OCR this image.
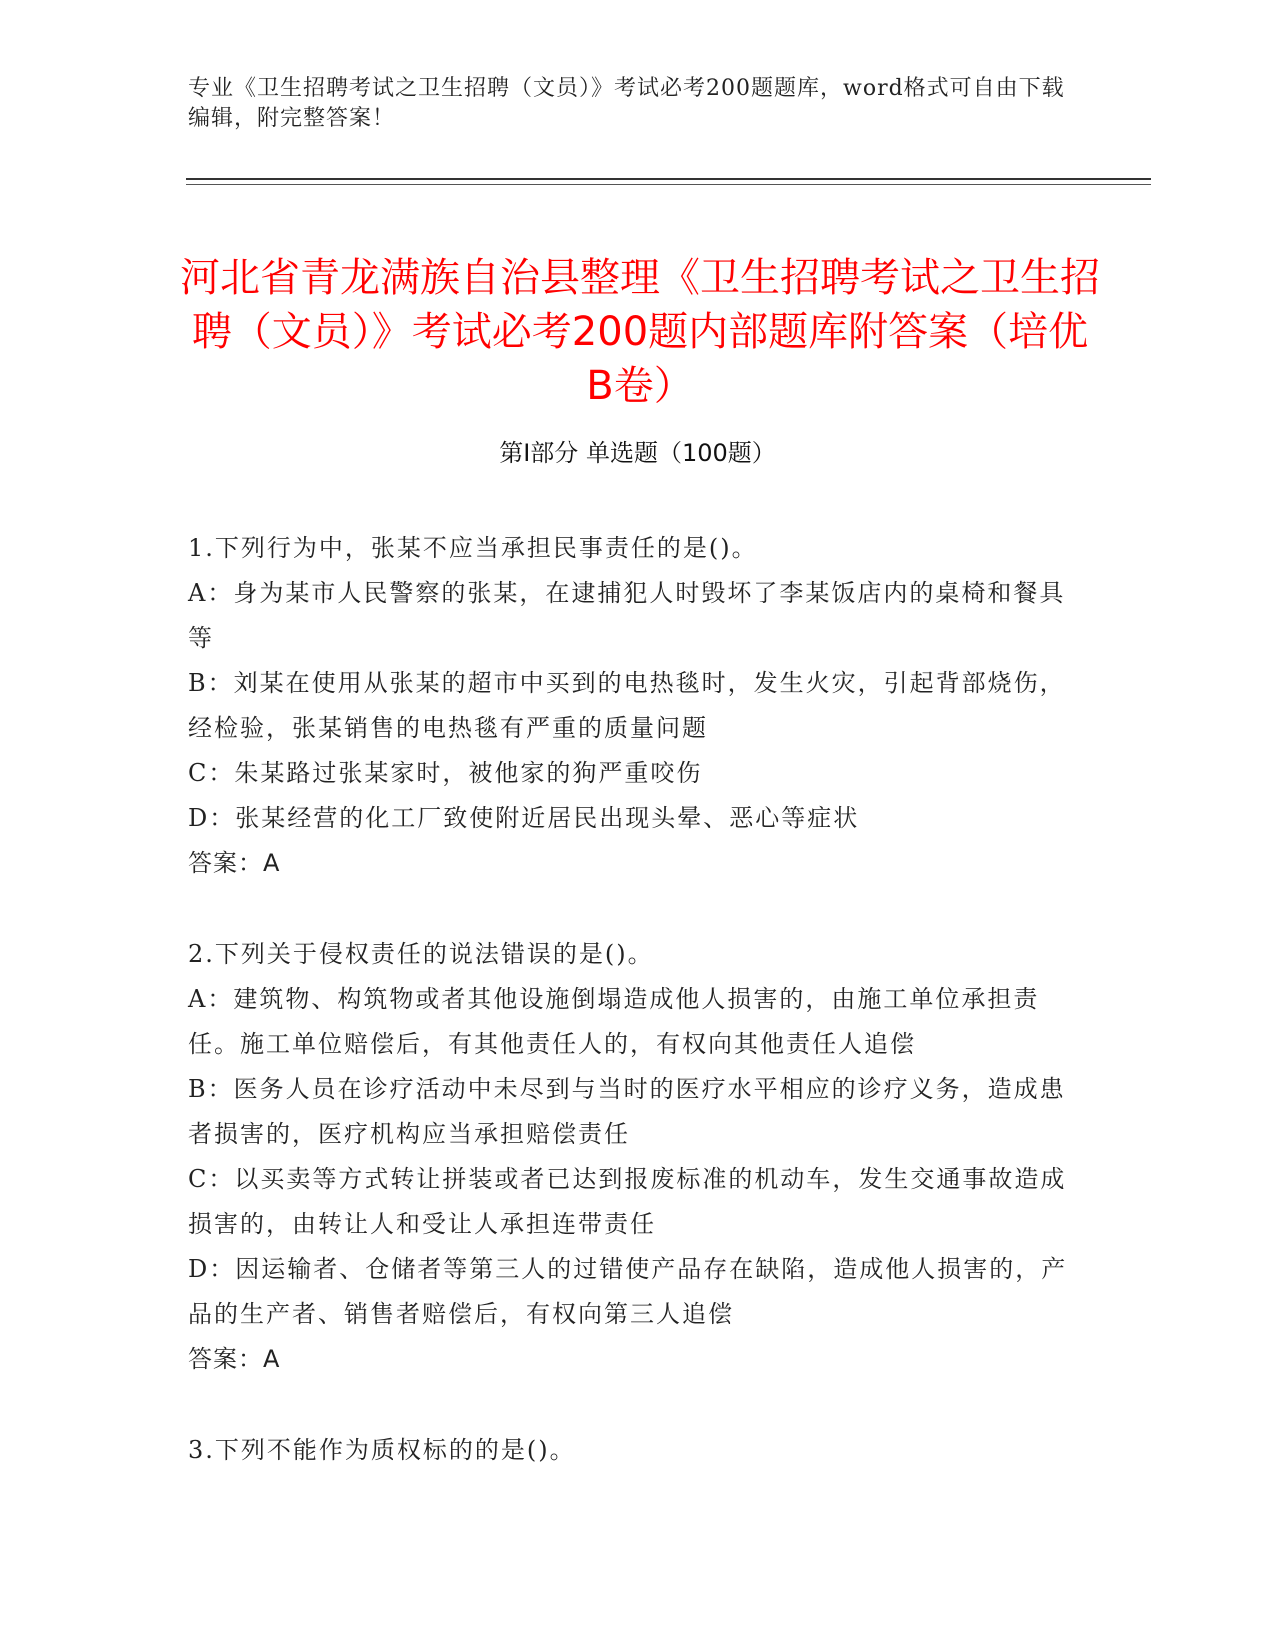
专业《卫生招聘考试之卫生招聘（文员）》考试必考200题题库，word格式可自由下载编辑，附完整答案！
河北省青龙满族自治县整理《卫生招聘考试之卫生招聘（文员）》考试必考200题内部题库附答案（培优B卷）
第I部分 单选题（100题）
1.下列行为中，张某不应当承担民事责任的是()。
A：身为某市人民警察的张某，在逮捕犯人时毁坏了李某饭店内的桌椅和餐具等
B：刘某在使用从张某的超市中买到的电热毯时，发生火灾，引起背部烧伤，经检验，张某销售的电热毯有严重的质量问题
C：朱某路过张某家时，被他家的狗严重咬伤
D：张某经营的化工厂致使附近居民出现头晕、恶心等症状
答案：A
2.下列关于侵权责任的说法错误的是()。
A：建筑物、构筑物或者其他设施倒塌造成他人损害的，由施工单位承担责任。施工单位赔偿后，有其他责任人的，有权向其他责任人追偿
B：医务人员在诊疗活动中未尽到与当时的医疗水平相应的诊疗义务，造成患者损害的，医疗机构应当承担赔偿责任
C：以买卖等方式转让拼装或者已达到报废标准的机动车，发生交通事故造成损害的，由转让人和受让人承担连带责任
D：因运输者、仓储者等第三人的过错使产品存在缺陷，造成他人损害的，产品的生产者、销售者赔偿后，有权向第三人追偿
答案：A
3.下列不能作为质权标的的是()。
